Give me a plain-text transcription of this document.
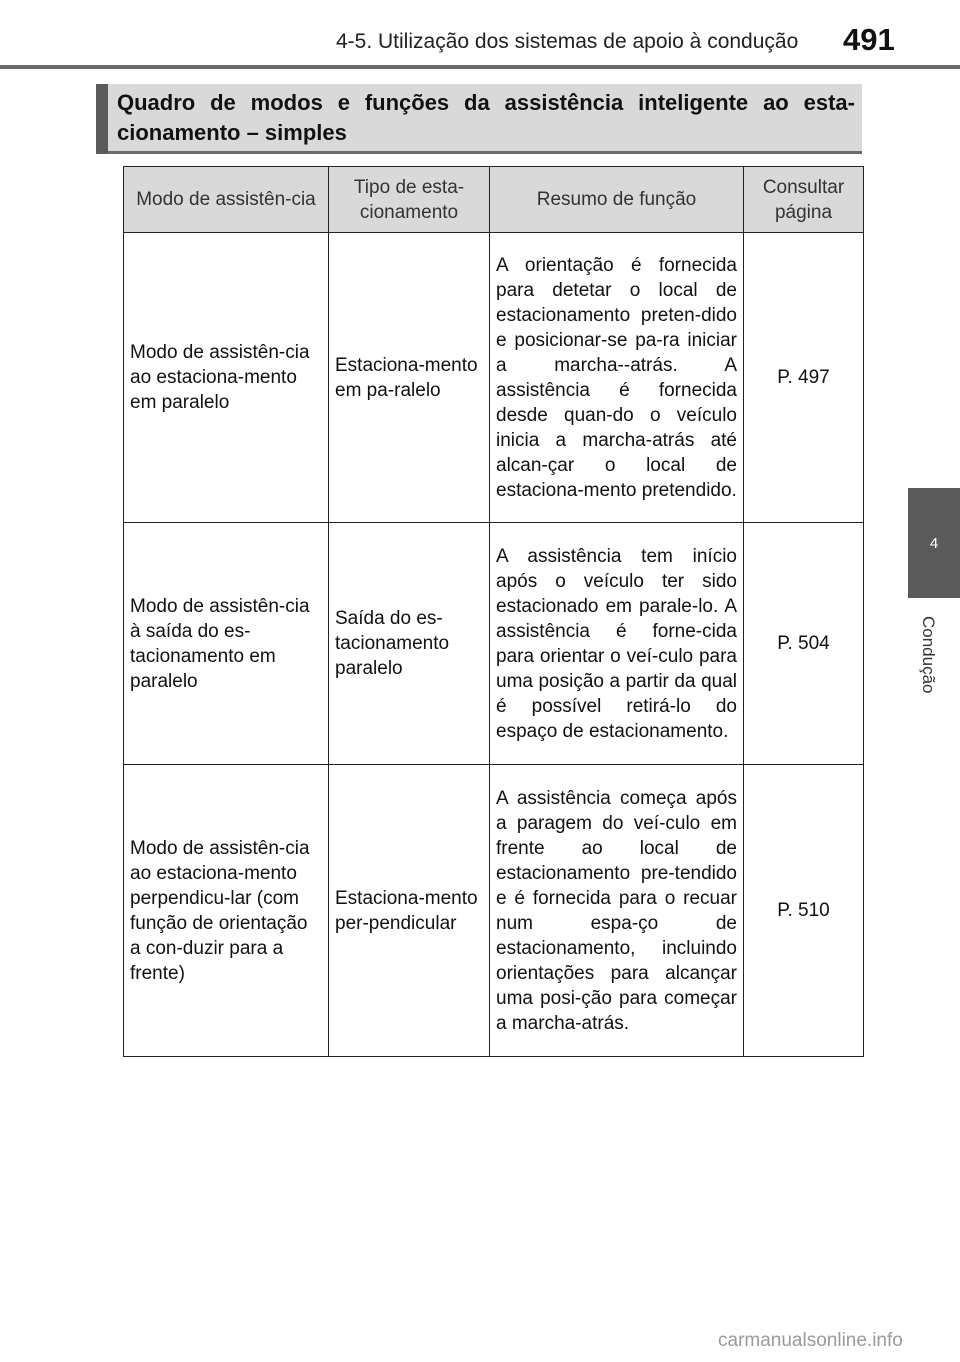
4-5. Utilização dos sistemas de apoio à condução 491
Quadro de modos e funções da assistência inteligente ao esta-cionamento – simples
4
Condução
Modo de assistên-cia	Tipo de esta-cionamento	Resumo de função	Consultar página
Modo de assistên-cia ao estaciona-mento em paralelo	Estaciona-mento em pa-ralelo	A orientação é fornecida para detetar o local de estacionamento preten-dido e posicionar-se pa-ra iniciar a marcha--atrás. A assistência é fornecida desde quan-do o veículo inicia a marcha-atrás até alcan-çar o local de estaciona-mento pretendido.	P. 497
Modo de assistên-cia à saída do es-tacionamento em paralelo	Saída do es-tacionamento paralelo	A assistência tem início após o veículo ter sido estacionado em parale-lo. A assistência é forne-cida para orientar o veí-culo para uma posição a partir da qual é possível retirá-lo do espaço de estacionamento.	P. 504
Modo de assistên-cia ao estaciona-mento perpendicu-lar (com função de orientação a con-duzir para a frente)	Estaciona-mento per-pendicular	A assistência começa após a paragem do veí-culo em frente ao local de estacionamento pre-tendido e é fornecida para o recuar num espa-ço de estacionamento, incluindo orientações para alcançar uma posi-ção para começar a marcha-atrás.	P. 510
carmanualsonline.info
